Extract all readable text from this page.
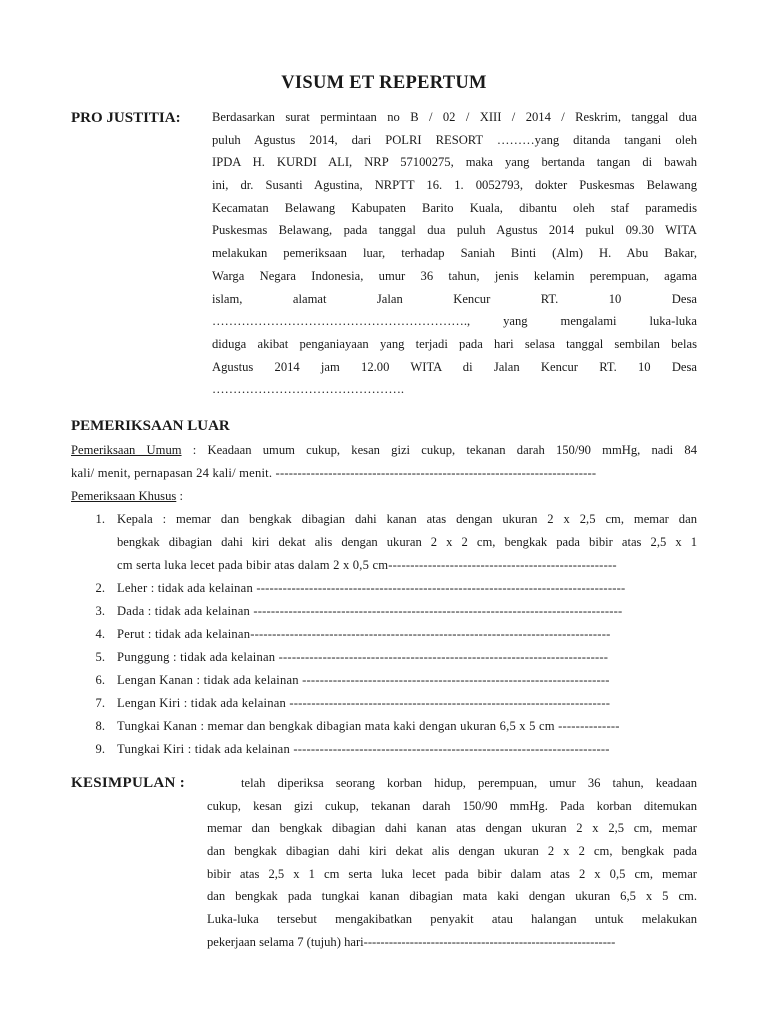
VISUM ET REPERTUM
PRO JUSTITIA: Berdasarkan surat permintaan no B / 02 / XIII / 2014 / Reskrim, tanggal dua
puluh Agustus 2014, dari POLRI RESORT ………yang ditanda tangani oleh
IPDA H. KURDI ALI, NRP 57100275, maka yang bertanda tangan di bawah
ini, dr. Susanti Agustina, NRPTT 16. 1. 0052793, dokter Puskesmas Belawang
Kecamatan Belawang Kabupaten Barito Kuala, dibantu oleh staf paramedis
Puskesmas Belawang, pada tanggal dua puluh Agustus 2014 pukul 09.30 WITA
melakukan pemeriksaan luar, terhadap Saniah Binti (Alm) H. Abu Bakar,
Warga Negara Indonesia, umur 36 tahun, jenis kelamin perempuan, agama
islam, alamat Jalan Kencur RT. 10 Desa
……………………………………………………., yang mengalami luka-luka
diduga akibat penganiayaan yang terjadi pada hari selasa tanggal sembilan belas
Agustus 2014 jam 12.00 WITA di Jalan Kencur RT. 10 Desa
……………………………………….
PEMERIKSAAN LUAR
Pemeriksaan Umum : Keadaan umum cukup, kesan gizi cukup, tekanan darah 150/90 mmHg, nadi 84
kali/ menit, pernapasan 24 kali/ menit. -------------------------------------------------------------------------
Pemeriksaan Khusus :
1. Kepala : memar dan bengkak dibagian dahi kanan atas dengan ukuran 2 x 2,5 cm, memar dan
bengkak dibagian dahi kiri dekat alis dengan ukuran 2 x 2 cm, bengkak pada bibir atas 2,5 x 1
cm serta luka lecet pada bibir atas dalam 2 x 0,5 cm----------------------------------------------------
2. Leher : tidak ada kelainan ------------------------------------------------------------------------------------
3. Dada : tidak ada kelainan ------------------------------------------------------------------------------------
4. Perut : tidak ada kelainan----------------------------------------------------------------------------------
5. Punggung : tidak ada kelainan ---------------------------------------------------------------------------
6. Lengan Kanan : tidak ada kelainan ----------------------------------------------------------------------
7. Lengan Kiri : tidak ada kelainan -------------------------------------------------------------------------
8. Tungkai Kanan : memar dan bengkak dibagian mata kaki dengan ukuran 6,5 x 5 cm --------------
9. Tungkai Kiri : tidak ada kelainan ------------------------------------------------------------------------
KESIMPULAN :	telah diperiksa seorang korban hidup, perempuan, umur 36 tahun, keadaan
cukup, kesan gizi cukup, tekanan darah 150/90 mmHg. Pada korban ditemukan
memar dan bengkak dibagian dahi kanan atas dengan ukuran 2 x 2,5 cm, memar
dan bengkak dibagian dahi kiri dekat alis dengan ukuran 2 x 2 cm, bengkak pada
bibir atas 2,5 x 1 cm serta luka lecet pada bibir dalam atas 2 x 0,5 cm, memar
dan bengkak pada tungkai kanan dibagian mata kaki dengan ukuran 6,5 x 5 cm.
Luka-luka tersebut mengakibatkan penyakit atau halangan untuk melakukan
pekerjaan selama 7 (tujuh) hari------------------------------------------------------------
